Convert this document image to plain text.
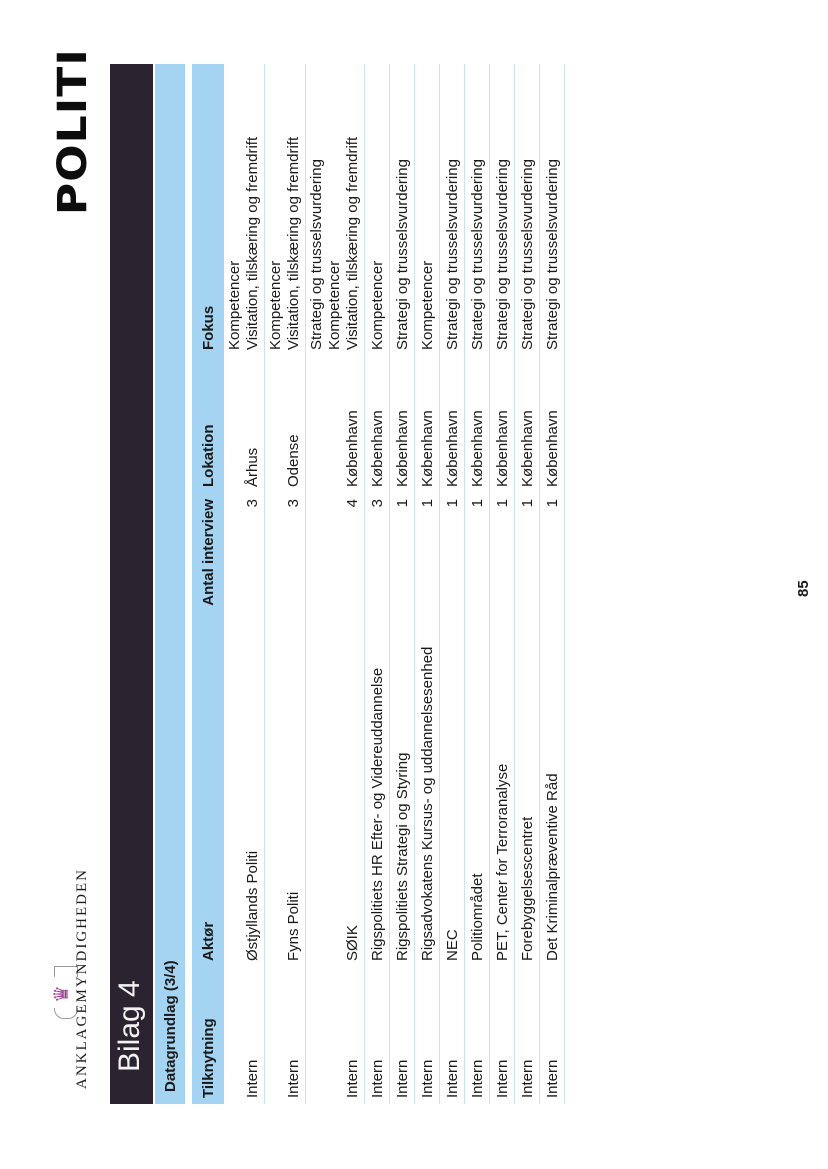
♛ ANKLAGEMYNDIGHEDEN
POLITI
Bilag 4 Datagrundlag (3/4) Tilknytning	Aktør	Antal interview	Lokation	Fokus
Intern	Østjyllands Politi	3	Århus	Kompetencer Visitation, tilskæring og fremdrift

Intern	Fyns Politi	3	Odense	Kompetencer Visitation, tilskæring og fremdrift

Intern	SØIK	4	København	Strategi og trusselsvurdering Kompetencer Visitation, tilskæring og fremdrift

Intern	Rigspolitiets HR Efter- og Videreuddannelse	3	København	Kompetencer

Intern	Rigspolitiets Strategi og Styring	1	København	Strategi og trusselsvurdering

Intern	Rigsadvokatens Kursus- og uddannelsesenhed	1	København	Kompetencer

Intern	NEC	1	København	Strategi og trusselsvurdering

Intern	Politiområdet	1	København	Strategi og trusselsvurdering

Intern	PET, Center for Terroranalyse	1	København	Strategi og trusselsvurdering

Intern	Forebyggelsescentret	1	København	Strategi og trusselsvurdering

Intern	Det Kriminalpræventive Råd	1	København	Strategi og trusselsvurdering
85
